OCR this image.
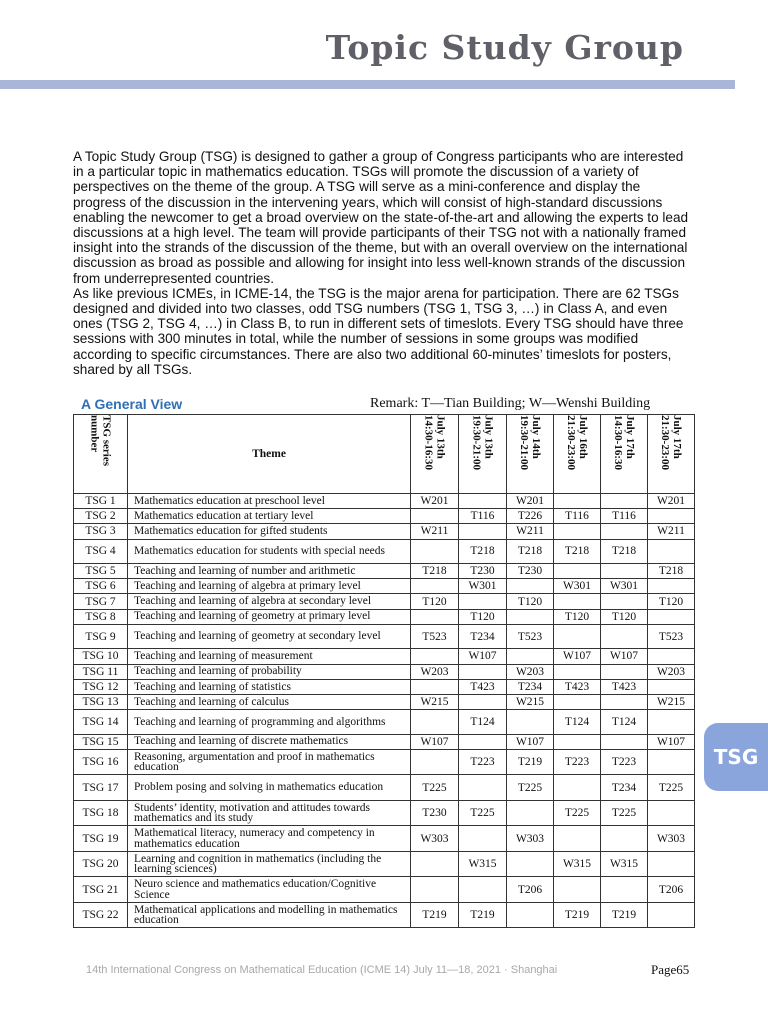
Topic Study Group

A Topic Study Group (TSG) is designed to gather a group of Congress participants who are interested in a particular topic in mathematics education. TSGs will promote the discussion of a variety of perspectives on the theme of the group. A TSG will serve as a mini-conference and display the progress of the discussion in the intervening years, which will consist of high-standard discussions enabling the newcomer to get a broad overview on the state-of-the-art and allowing the experts to lead discussions at a high level. The team will provide participants of their TSG not with a nationally framed insight into the strands of the discussion of the theme, but with an overall overview on the international discussion as broad as possible and allowing for insight into less well-known strands of the discussion from underrepresented countries.

As like previous ICMEs, in ICME-14, the TSG is the major arena for participation. There are 62 TSGs designed and divided into two classes, odd TSG numbers (TSG 1, TSG 3, …) in Class A, and even ones (TSG 2, TSG 4, …) in Class B, to run in different sets of timeslots. Every TSG should have three sessions with 300 minutes in total, while the number of sessions in some groups was modified according to specific circumstances. There are also two additional 60-minutes’ timeslots for posters, shared by all TSGs.

A General View	Remark: T—Tian Building; W—Wenshi Building
TSG series number	Theme	July 13th 14:30-16:30	July 13th 19:30-21:00	July 14th 19:30-21:00	July 16th 21:30-23:00	July 17th 14:30-16:30	July 17th 21:30-23:00
TSG 1	Mathematics education at preschool level	W201		W201			W201
TSG 2	Mathematics education at tertiary level		T116	T226	T116	T116	
TSG 3	Mathematics education for gifted students	W211		W211			W211
TSG 4	Mathematics education for students with special needs		T218	T218	T218	T218	
TSG 5	Teaching and learning of number and arithmetic	T218	T230	T230			T218
TSG 6	Teaching and learning of algebra at primary level		W301		W301	W301	
TSG 7	Teaching and learning of algebra at secondary level	T120		T120			T120
TSG 8	Teaching and learning of geometry at primary level		T120		T120	T120	
TSG 9	Teaching and learning of geometry at secondary level	T523	T234	T523			T523
TSG 10	Teaching and learning of measurement		W107		W107	W107	
TSG 11	Teaching and learning of probability	W203		W203			W203
TSG 12	Teaching and learning of statistics		T423	T234	T423	T423	
TSG 13	Teaching and learning of calculus	W215		W215			W215
TSG 14	Teaching and learning of programming and algorithms		T124		T124	T124	
TSG 15	Teaching and learning of discrete mathematics	W107		W107			W107
TSG 16	Reasoning, argumentation and proof in mathematics education		T223	T219	T223	T223	
TSG 17	Problem posing and solving in mathematics education	T225		T225		T234	T225
TSG 18	Students’ identity, motivation and attitudes towards mathematics and its study	T230	T225		T225	T225	
TSG 19	Mathematical literacy, numeracy and competency in mathematics education	W303		W303			W303
TSG 20	Learning and cognition in mathematics (including the learning sciences)		W315		W315	W315	
TSG 21	Neuro science and mathematics education/Cognitive Science			T206			T206
TSG 22	Mathematical applications and modelling in mathematics education	T219	T219		T219	T219	
TSG
14th International Congress on Mathematical Education (ICME 14) July 11—18, 2021 · Shanghai	Page65
